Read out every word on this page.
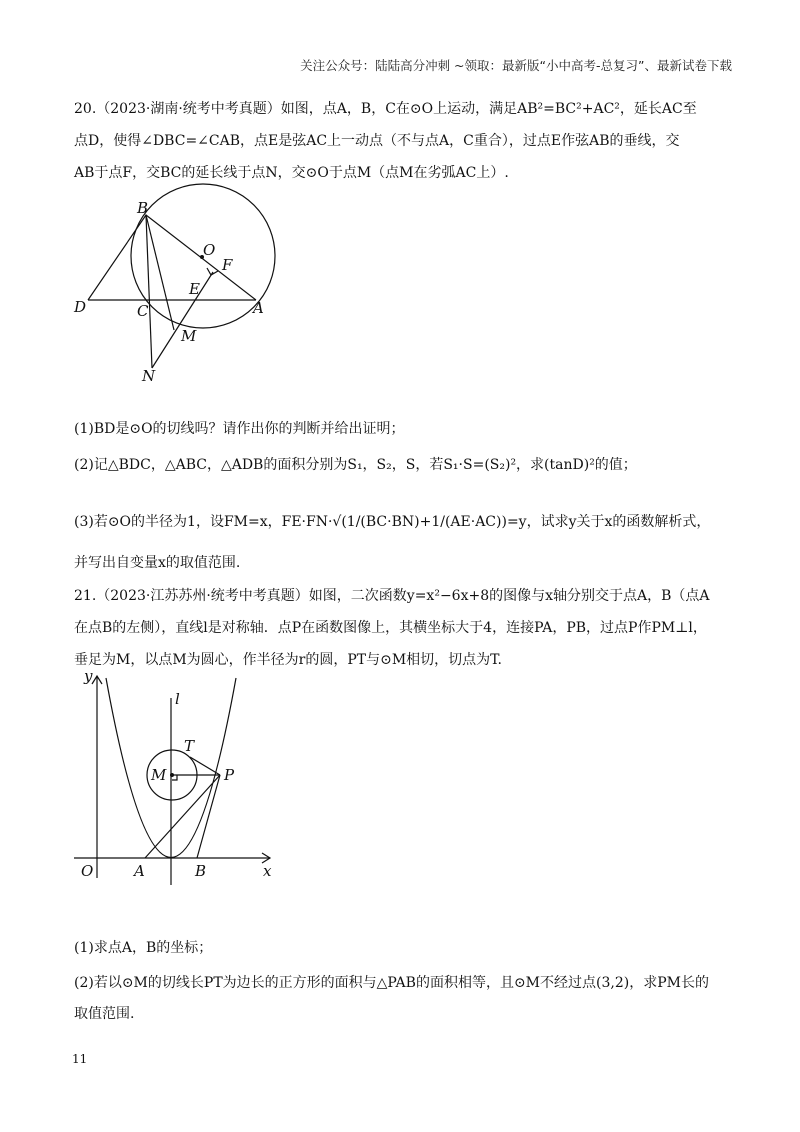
关注公众号：陆陆高分冲刺 ~领取：最新版“小中高考-总复习”、最新试卷下载
20.（2023·湖南·统考中考真题）如图，点A，B，C在⊙O上运动，满足AB²=BC²+AC²，延长AC至
点D，使得∠DBC=∠CAB，点E是弦AC上一动点（不与点A，C重合），过点E作弦AB的垂线，交
AB于点F，交BC的延长线于点N，交⊙O于点M（点M在劣弧AC上）.
B
O
F
E
D	C	A
M
N
(1)BD是⊙O的切线吗？请作出你的判断并给出证明；
(2)记△BDC，△ABC，△ADB的面积分别为S₁，S₂，S，若S₁·S=(S₂)²，求(tanD)²的值；
(3)若⊙O的半径为1，设FM=x，FE·FN·√(1/(BC·BN)+1/(AE·AC))=y，试求y关于x的函数解析式，
并写出自变量x的取值范围.
21.（2023·江苏苏州·统考中考真题）如图，二次函数y=x²−6x+8的图像与x轴分别交于点A，B（点A
在点B的左侧），直线l是对称轴．点P在函数图像上，其横坐标大于4，连接PA，PB，过点P作PM⊥l，
垂足为M，以点M为圆心，作半径为r的圆，PT与⊙M相切，切点为T.
y
l
T
M	P
O	A	B	x
(1)求点A，B的坐标；
(2)若以⊙M的切线长PT为边长的正方形的面积与△PAB的面积相等，且⊙M不经过点(3,2)，求PM长的
取值范围.
11
